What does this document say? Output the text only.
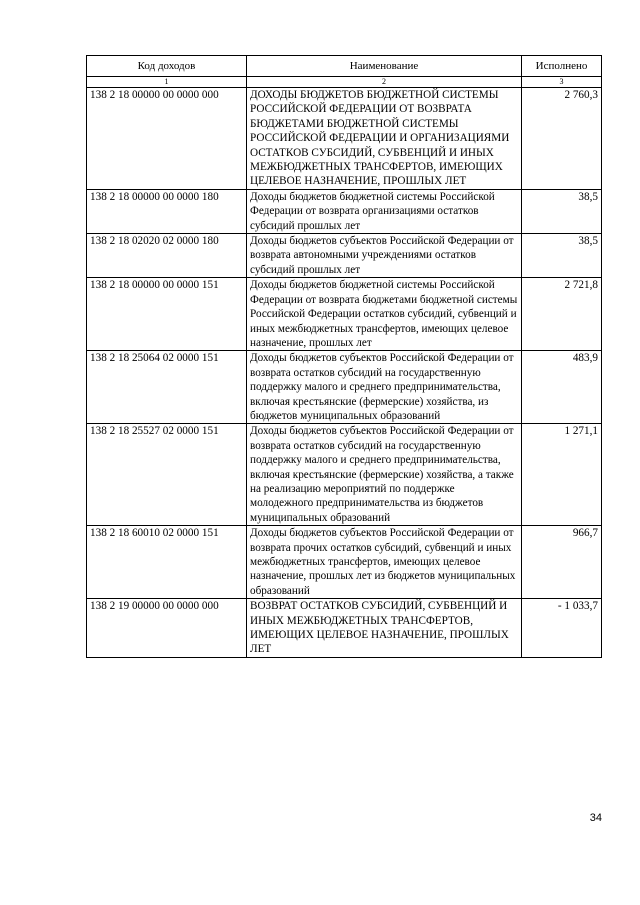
Код доходов	Наименование	Исполнено
1	2	3
138 2 18 00000 00 0000 000	ДОХОДЫ БЮДЖЕТОВ БЮДЖЕТНОЙ СИСТЕМЫ РОССИЙСКОЙ ФЕДЕРАЦИИ ОТ ВОЗВРАТА БЮДЖЕТАМИ БЮДЖЕТНОЙ СИСТЕМЫ РОССИЙСКОЙ ФЕДЕРАЦИИ И ОРГАНИЗАЦИЯМИ ОСТАТКОВ СУБСИДИЙ, СУБВЕНЦИЙ И ИНЫХ МЕЖБЮДЖЕТНЫХ ТРАНСФЕРТОВ, ИМЕЮЩИХ ЦЕЛЕВОЕ НАЗНАЧЕНИЕ, ПРОШЛЫХ ЛЕТ	2 760,3
138 2 18 00000 00 0000 180	Доходы бюджетов бюджетной системы Российской Федерации от возврата организациями остатков субсидий прошлых лет	38,5
138 2 18 02020 02 0000 180	Доходы бюджетов субъектов Российской Федерации от возврата автономными учреждениями остатков субсидий прошлых лет	38,5
138 2 18 00000 00 0000 151	Доходы бюджетов бюджетной системы Российской Федерации от возврата бюджетами бюджетной системы Российской Федерации остатков субсидий, субвенций и иных межбюджетных трансфертов, имеющих целевое назначение, прошлых лет	2 721,8
138 2 18 25064 02 0000 151	Доходы бюджетов субъектов Российской Федерации от возврата остатков субсидий на государственную поддержку малого и среднего предпринимательства, включая крестьянские (фермерские) хозяйства, из бюджетов муниципальных образований	483,9
138 2 18 25527 02 0000 151	Доходы бюджетов субъектов Российской Федерации от возврата остатков субсидий на государственную поддержку малого и среднего предпринимательства, включая крестьянские (фермерские) хозяйства, а также на реализацию мероприятий по поддержке молодежного предпринимательства из бюджетов муниципальных образований	1 271,1
138 2 18 60010 02 0000 151	Доходы бюджетов субъектов Российской Федерации от возврата прочих остатков субсидий, субвенций и иных межбюджетных трансфертов, имеющих целевое назначение, прошлых лет из бюджетов муниципальных образований	966,7
138 2 19 00000 00 0000 000	ВОЗВРАТ ОСТАТКОВ СУБСИДИЙ, СУБВЕНЦИЙ И ИНЫХ МЕЖБЮДЖЕТНЫХ ТРАНСФЕРТОВ, ИМЕЮЩИХ ЦЕЛЕВОЕ НАЗНАЧЕНИЕ, ПРОШЛЫХ ЛЕТ	- 1 033,7
34
